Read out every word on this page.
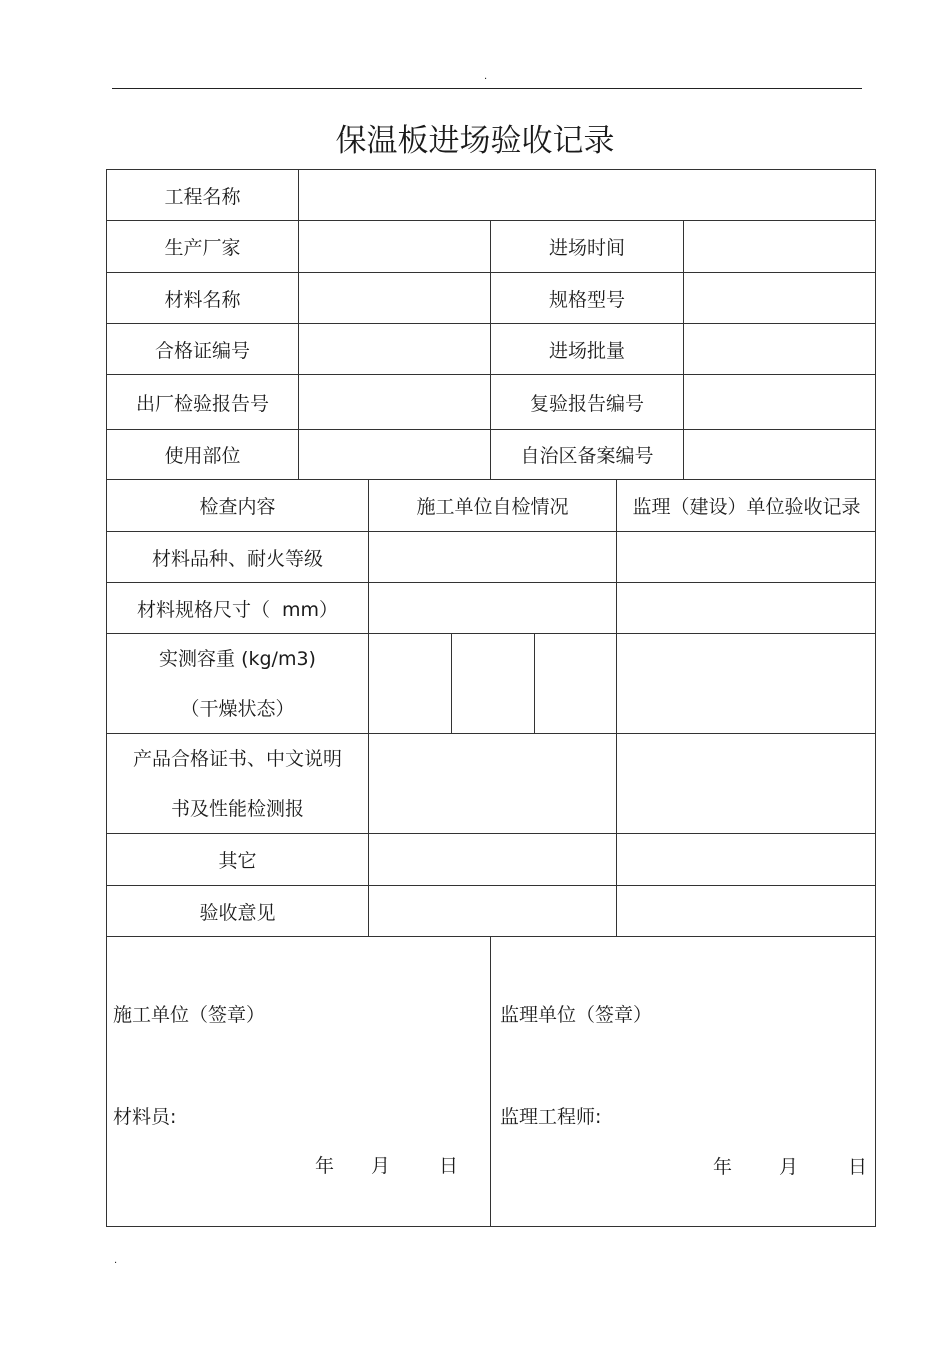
.
保温板进场验收记录
工程名称
生产厂家	进场时间
材料名称	规格型号
合格证编号	进场批量
出厂检验报告号	复验报告编号
使用部位	自治区备案编号
检查内容	施工单位自检情况	监理（建设）单位验收记录
材料品种、耐火等级
材料规格尺寸（  mm）
实测容重 (kg/m3)
（干燥状态）
产品合格证书、中文说明
书及性能检测报
其它
验收意见
施工单位（签章）
材料员:
年	月	日
监理单位（签章）
监理工程师:
年	月	日
.
